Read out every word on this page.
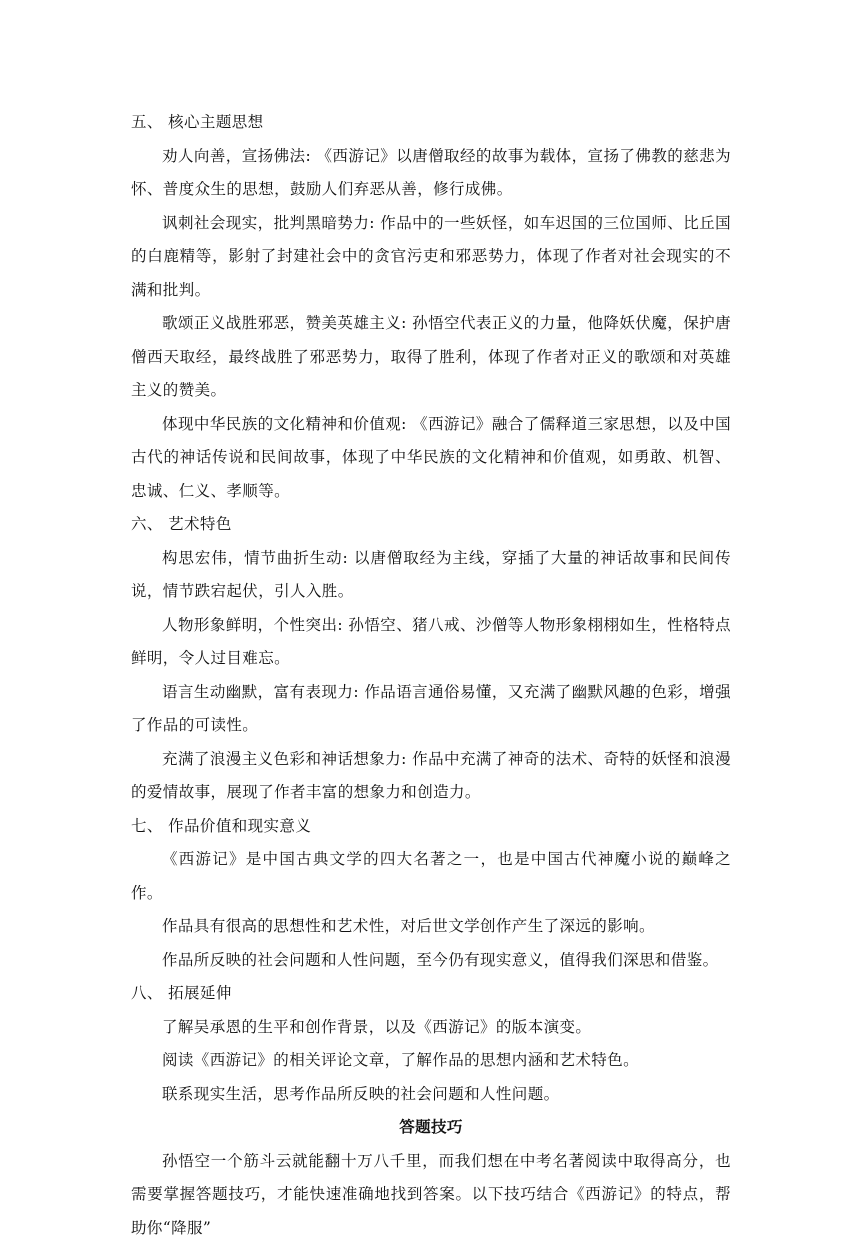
五、 核心主题思想

劝人向善，宣扬佛法: 《西游记》以唐僧取经的故事为载体，宣扬了佛教的慈悲为怀、普度众生的思想，鼓励人们弃恶从善，修行成佛。

讽刺社会现实，批判黑暗势力: 作品中的一些妖怪，如车迟国的三位国师、比丘国的白鹿精等，影射了封建社会中的贪官污吏和邪恶势力，体现了作者对社会现实的不满和批判。

歌颂正义战胜邪恶，赞美英雄主义: 孙悟空代表正义的力量，他降妖伏魔，保护唐僧西天取经，最终战胜了邪恶势力，取得了胜利，体现了作者对正义的歌颂和对英雄主义的赞美。

体现中华民族的文化精神和价值观: 《西游记》融合了儒释道三家思想，以及中国古代的神话传说和民间故事，体现了中华民族的文化精神和价值观，如勇敢、机智、忠诚、仁义、孝顺等。

六、 艺术特色

构思宏伟，情节曲折生动: 以唐僧取经为主线，穿插了大量的神话故事和民间传说，情节跌宕起伏，引人入胜。

人物形象鲜明，个性突出: 孙悟空、猪八戒、沙僧等人物形象栩栩如生，性格特点鲜明，令人过目难忘。

语言生动幽默，富有表现力: 作品语言通俗易懂，又充满了幽默风趣的色彩，增强了作品的可读性。

充满了浪漫主义色彩和神话想象力: 作品中充满了神奇的法术、奇特的妖怪和浪漫的爱情故事，展现了作者丰富的想象力和创造力。

七、 作品价值和现实意义

《西游记》是中国古典文学的四大名著之一，也是中国古代神魔小说的巅峰之作。

作品具有很高的思想性和艺术性，对后世文学创作产生了深远的影响。

作品所反映的社会问题和人性问题，至今仍有现实意义，值得我们深思和借鉴。

八、 拓展延伸

了解吴承恩的生平和创作背景，以及《西游记》的版本演变。

阅读《西游记》的相关评论文章，了解作品的思想内涵和艺术特色。

联系现实生活，思考作品所反映的社会问题和人性问题。

答题技巧

孙悟空一个筋斗云就能翻十万八千里，而我们想在中考名著阅读中取得高分，也需要掌握答题技巧，才能快速准确地找到答案。以下技巧结合《西游记》的特点，帮助你“降服”
